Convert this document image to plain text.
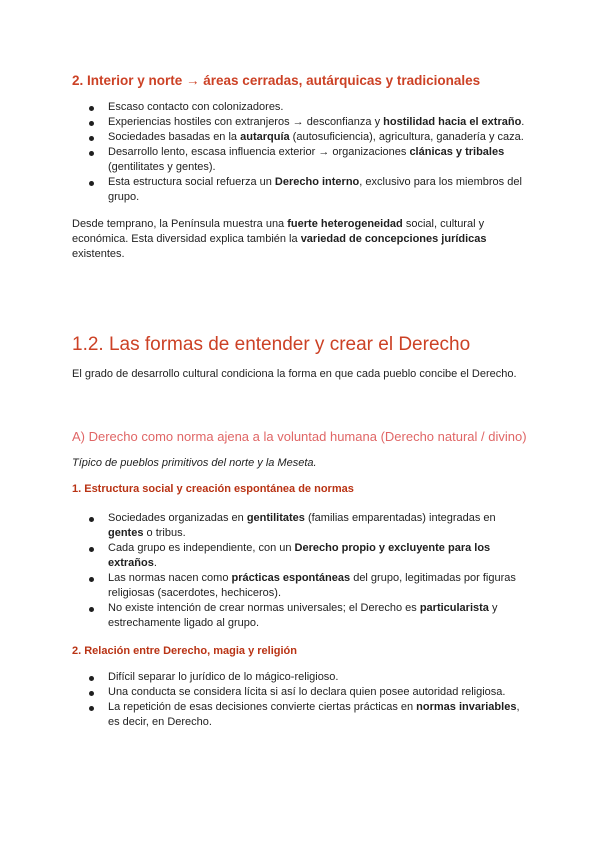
2. Interior y norte → áreas cerradas, autárquicas y tradicionales
Escaso contacto con colonizadores.
Experiencias hostiles con extranjeros → desconfianza y hostilidad hacia el extraño.
Sociedades basadas en la autarquía (autosuficiencia), agricultura, ganadería y caza.
Desarrollo lento, escasa influencia exterior → organizaciones clánicas y tribales (gentilitates y gentes).
Esta estructura social refuerza un Derecho interno, exclusivo para los miembros del grupo.

Desde temprano, la Península muestra una fuerte heterogeneidad social, cultural y económica. Esta diversidad explica también la variedad de concepciones jurídicas existentes.

1.2. Las formas de entender y crear el Derecho

El grado de desarrollo cultural condiciona la forma en que cada pueblo concibe el Derecho.

A) Derecho como norma ajena a la voluntad humana (Derecho natural / divino)

Típico de pueblos primitivos del norte y la Meseta.

1. Estructura social y creación espontánea de normas
Sociedades organizadas en gentilitates (familias emparentadas) integradas en gentes o tribus.
Cada grupo es independiente, con un Derecho propio y excluyente para los extraños.
Las normas nacen como prácticas espontáneas del grupo, legitimadas por figuras religiosas (sacerdotes, hechiceros).
No existe intención de crear normas universales; el Derecho es particularista y estrechamente ligado al grupo.
2. Relación entre Derecho, magia y religión
Difícil separar lo jurídico de lo mágico-religioso.
Una conducta se considera lícita si así lo declara quien posee autoridad religiosa.
La repetición de esas decisiones convierte ciertas prácticas en normas invariables, es decir, en Derecho.
